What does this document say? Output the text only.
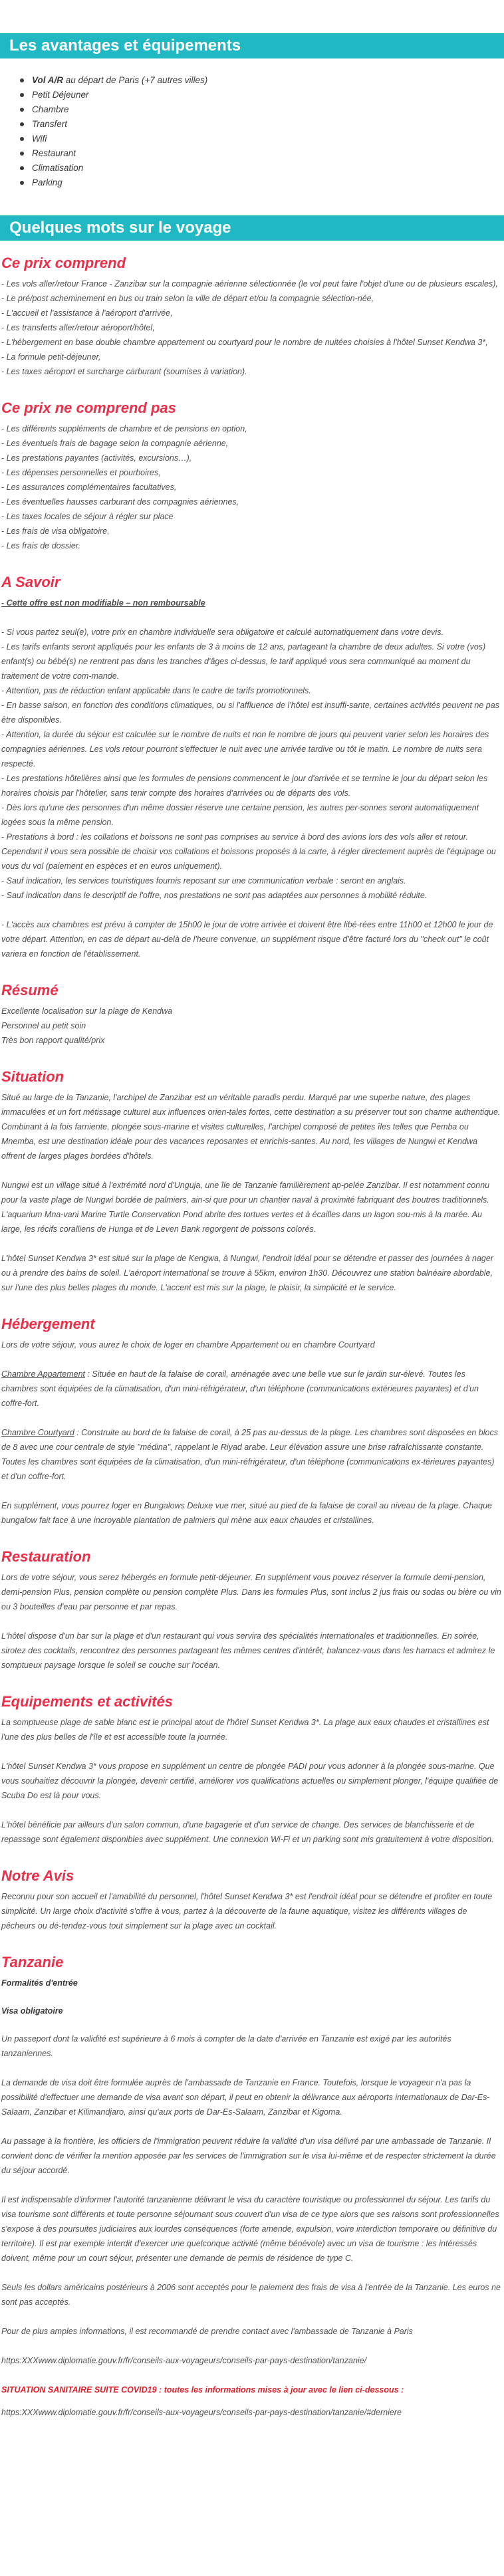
Les avantages et équipements
Vol A/R au départ de Paris (+7 autres villes)
Petit Déjeuner
Chambre
Transfert
Wifi
Restaurant
Climatisation
Parking
Quelques mots sur le voyage
Ce prix comprend

- Les vols aller/retour France - Zanzibar sur la compagnie aérienne sélectionnée (le vol peut faire l'objet d'une ou de plusieurs escales),

- Le pré/post acheminement en bus ou train selon la ville de départ et/ou la compagnie sélection-née,

- L'accueil et l'assistance à l'aéroport d'arrivée,

- Les transferts aller/retour aéroport/hôtel,

- L'hébergement en base double chambre appartement ou courtyard pour le nombre de nuitées choisies à l'hôtel Sunset Kendwa 3*,

- La formule petit-déjeuner,

- Les taxes aéroport et surcharge carburant (soumises à variation).

Ce prix ne comprend pas

- Les différents suppléments de chambre et de pensions en option,

- Les éventuels frais de bagage selon la compagnie aérienne,

- Les prestations payantes (activités, excursions…),

- Les dépenses personnelles et pourboires,

- Les assurances complémentaires facultatives,

- Les éventuelles hausses carburant des compagnies aériennes,

- Les taxes locales de séjour à régler sur place

- Les frais de visa obligatoire,

- Les frais de dossier.

A Savoir

- Cette offre est non modifiable – non remboursable

- Si vous partez seul(e), votre prix en chambre individuelle sera obligatoire et calculé automatiquement dans votre devis.
- Les tarifs enfants seront appliqués pour les enfants de 3 à moins de 12 ans, partageant la chambre de deux adultes. Si votre (vos) enfant(s) ou bébé(s) ne rentrent pas dans les tranches d'âges ci-dessus, le tarif appliqué vous sera communiqué au moment du traitement de votre com-mande.
- Attention, pas de réduction enfant applicable dans le cadre de tarifs promotionnels.
- En basse saison, en fonction des conditions climatiques, ou si l'affluence de l'hôtel est insuffi-sante, certaines activités peuvent ne pas être disponibles.
- Attention, la durée du séjour est calculée sur le nombre de nuits et non le nombre de jours qui peuvent varier selon les horaires des compagnies aériennes. Les vols retour pourront s'effectuer le nuit avec une arrivée tardive ou tôt le matin. Le nombre de nuits sera respecté.
- Les prestations hôtelières ainsi que les formules de pensions commencent le jour d'arrivée et se termine le jour du départ selon les horaires choisis par l'hôtelier, sans tenir compte des horaires d'arrivées ou de départs des vols.
- Dès lors qu'une des personnes d'un même dossier réserve une certaine pension, les autres per-sonnes seront automatiquement logées sous la même pension.
- Prestations à bord : les collations et boissons ne sont pas comprises au service à bord des avions lors des vols aller et retour. Cependant il vous sera possible de choisir vos collations et boissons proposés à la carte, à régler directement auprès de l'équipage ou vous du vol (paiement en espèces et en euros uniquement).
- Sauf indication, les services touristiques fournis reposant sur une communication verbale : seront en anglais.
- Sauf indication dans le descriptif de l'offre, nos prestations ne sont pas adaptées aux personnes à mobilité réduite.

- L'accès aux chambres est prévu à compter de 15h00 le jour de votre arrivée et doivent être libé-rées entre 11h00 et 12h00 le jour de votre départ. Attention, en cas de départ au-delà de l'heure convenue, un supplément risque d'être facturé lors du "check out" le coût variera en fonction de l'établissement.

Résumé

Excellente localisation sur la plage de Kendwa

Personnel au petit soin

Très bon rapport qualité/prix

Situation

Situé au large de la Tanzanie, l'archipel de Zanzibar est un véritable paradis perdu. Marqué par une superbe nature, des plages immaculées et un fort métissage culturel aux influences orien-tales fortes, cette destination a su préserver tout son charme authentique. Combinant à la fois farniente, plongée sous-marine et visites culturelles, l'archipel composé de petites îles telles que Pemba ou Mnemba, est une destination idéale pour des vacances reposantes et enrichis-santes. Au nord, les villages de Nungwi et Kendwa offrent de larges plages bordées d'hôtels.

Nungwi est un village situé à l'extrémité nord d'Unguja, une île de Tanzanie familièrement ap-pelée Zanzibar. Il est notamment connu pour la vaste plage de Nungwi bordée de palmiers, ain-si que pour un chantier naval à proximité fabriquant des boutres traditionnels. L'aquarium Mna-vani Marine Turtle Conservation Pond abrite des tortues vertes et à écailles dans un lagon sou-mis à la marée. Au large, les récifs coralliens de Hunga et de Leven Bank regorgent de poissons colorés.

L'hôtel Sunset Kendwa 3* est situé sur la plage de Kengwa, à Nungwi, l'endroit idéal pour se détendre et passer des journées à nager ou à prendre des bains de soleil. L'aéroport international se trouve à 55km, environ 1h30. Découvrez une station balnéaire abordable, sur l'une des plus belles plages du monde. L'accent est mis sur la plage, le plaisir, la simplicité et le service.

Hébergement

Lors de votre séjour, vous aurez le choix de loger en chambre Appartement ou en chambre Courtyard

Chambre Appartement : Située en haut de la falaise de corail, aménagée avec une belle vue sur le jardin sur-élevé. Toutes les chambres sont équipées de la climatisation, d'un mini-réfrigérateur, d'un téléphone (communications extérieures payantes) et d'un coffre-fort.

Chambre Courtyard : Construite au bord de la falaise de corail, à 25 pas au-dessus de la plage. Les chambres sont disposées en blocs de 8 avec une cour centrale de style "médina", rappelant le Riyad arabe. Leur élévation assure une brise rafraîchissante constante. Toutes les chambres sont équipées de la climatisation, d'un mini-réfrigérateur, d'un téléphone (communications ex-térieures payantes) et d'un coffre-fort.

En supplément, vous pourrez loger en Bungalows Deluxe vue mer, situé au pied de la falaise de corail au niveau de la plage. Chaque bungalow fait face à une incroyable plantation de palmiers qui mène aux eaux chaudes et cristallines.

Restauration

Lors de votre séjour, vous serez hébergés en formule petit-déjeuner. En supplément vous pouvez réserver la formule demi-pension, demi-pension Plus, pension complète ou pension complète Plus. Dans les formules Plus, sont inclus 2 jus frais ou sodas ou bière ou vin ou 3 bouteilles d'eau par personne et par repas.

L'hôtel dispose d'un bar sur la plage et d'un restaurant qui vous servira des spécialités internationales et traditionnelles. En soirée, sirotez des cocktails, rencontrez des personnes partageant les mêmes centres d'intérêt, balancez-vous dans les hamacs et admirez le somptueux paysage lorsque le soleil se couche sur l'océan.

Equipements et activités

La somptueuse plage de sable blanc est le principal atout de l'hôtel Sunset Kendwa 3*. La plage aux eaux chaudes et cristallines est l'une des plus belles de l'île et est accessible toute la journée.

L'hôtel Sunset Kendwa 3* vous propose en supplément un centre de plongée PADI pour vous adonner à la plongée sous-marine. Que vous souhaitiez découvrir la plongée, devenir certifié, améliorer vos qualifications actuelles ou simplement plonger, l'équipe qualifiée de Scuba Do est là pour vous.

L'hôtel bénéficie par ailleurs d'un salon commun, d'une bagagerie et d'un service de change. Des services de blanchisserie et de repassage sont également disponibles avec supplément. Une connexion Wi-Fi et un parking sont mis gratuitement à votre disposition.

Notre Avis

Reconnu pour son accueil et l'amabilité du personnel, l'hôtel Sunset Kendwa 3* est l'endroit idéal pour se détendre et profiter en toute simplicité. Un large choix d'activité s'offre à vous, partez à la découverte de la faune aquatique, visitez les différents villages de pêcheurs ou dé-tendez-vous tout simplement sur la plage avec un cocktail.

Tanzanie

Formalités d'entrée

Visa obligatoire

Un passeport dont la validité est supérieure à 6 mois à compter de la date d'arrivée en Tanzanie est exigé par les autorités tanzaniennes.

La demande de visa doit être formulée auprès de l'ambassade de Tanzanie en France. Toutefois, lorsque le voyageur n'a pas la possibilité d'effectuer une demande de visa avant son départ, il peut en obtenir la délivrance aux aéroports internationaux de Dar-Es-Salaam, Zanzibar et Kilimandjaro, ainsi qu'aux ports de Dar-Es-Salaam, Zanzibar et Kigoma.

Au passage à la frontière, les officiers de l'immigration peuvent réduire la validité d'un visa délivré par une ambassade de Tanzanie. Il convient donc de vérifier la mention apposée par les services de l'immigration sur le visa lui-même et de respecter strictement la durée du séjour accordé.

Il est indispensable d'informer l'autorité tanzanienne délivrant le visa du caractère touristique ou professionnel du séjour. Les tarifs du visa tourisme sont différents et toute personne séjournant sous couvert d'un visa de ce type alors que ses raisons sont professionnelles s'expose à des poursuites judiciaires aux lourdes conséquences (forte amende, expulsion, voire interdiction temporaire ou définitive du territoire). Il est par exemple interdit d'exercer une quelconque activité (même bénévole) avec un visa de tourisme : les intéressés doivent, même pour un court séjour, présenter une demande de permis de résidence de type C.

Seuls les dollars américains postérieurs à 2006 sont acceptés pour le paiement des frais de visa à l'entrée de la Tanzanie. Les euros ne sont pas acceptés.

Pour de plus amples informations, il est recommandé de prendre contact avec l'ambassade de Tanzanie à Paris

https:XXXwww.diplomatie.gouv.fr/fr/conseils-aux-voyageurs/conseils-par-pays-destination/tanzanie/

SITUATION SANITAIRE SUITE COVID19 : toutes les informations mises à jour avec le lien ci-dessous :

https:XXXwww.diplomatie.gouv.fr/fr/conseils-aux-voyageurs/conseils-par-pays-destination/tanzanie/#derniere
